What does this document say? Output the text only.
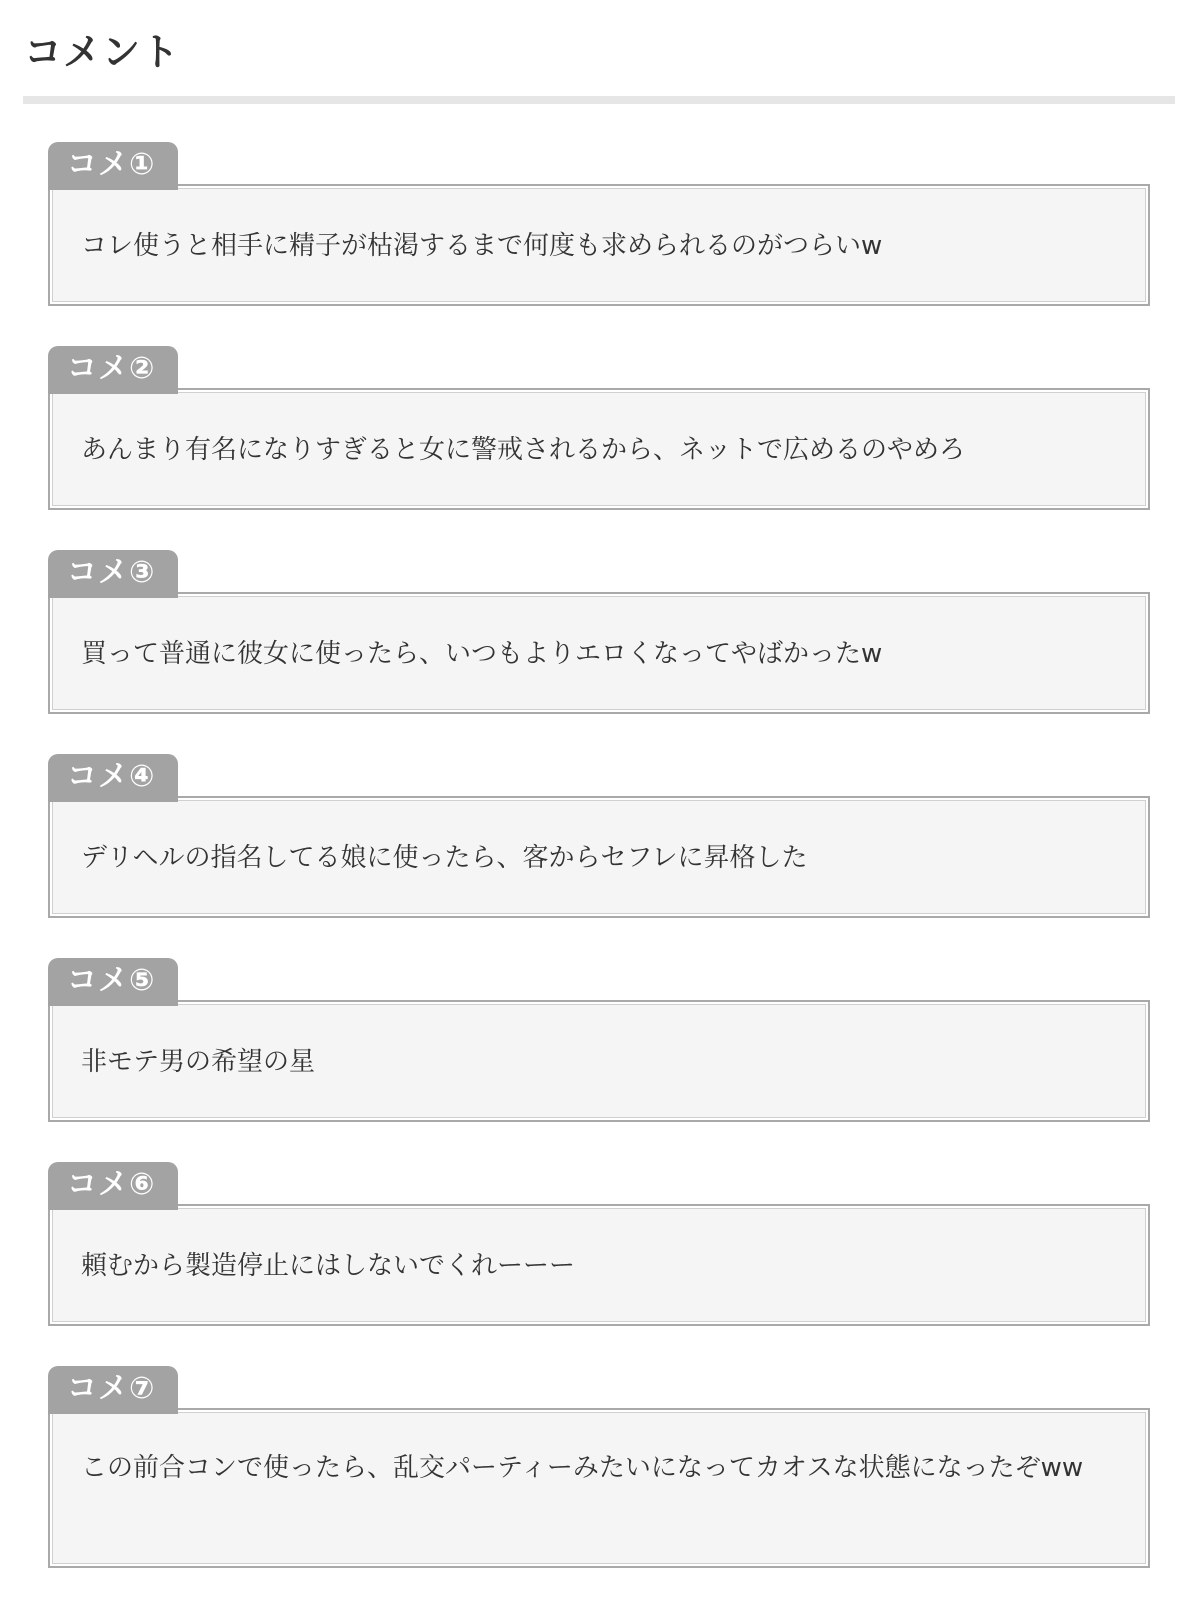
コメント
コメ①
コレ使うと相手に精子が枯渇するまで何度も求められるのがつらいw
コメ②
あんまり有名になりすぎると女に警戒されるから、ネットで広めるのやめろ
コメ③
買って普通に彼女に使ったら、いつもよりエロくなってやばかったw
コメ④
デリヘルの指名してる娘に使ったら、客からセフレに昇格した
コメ⑤
非モテ男の希望の星
コメ⑥
頼むから製造停止にはしないでくれーーー
コメ⑦
この前合コンで使ったら、乱交パーティーみたいになってカオスな状態になったぞww
